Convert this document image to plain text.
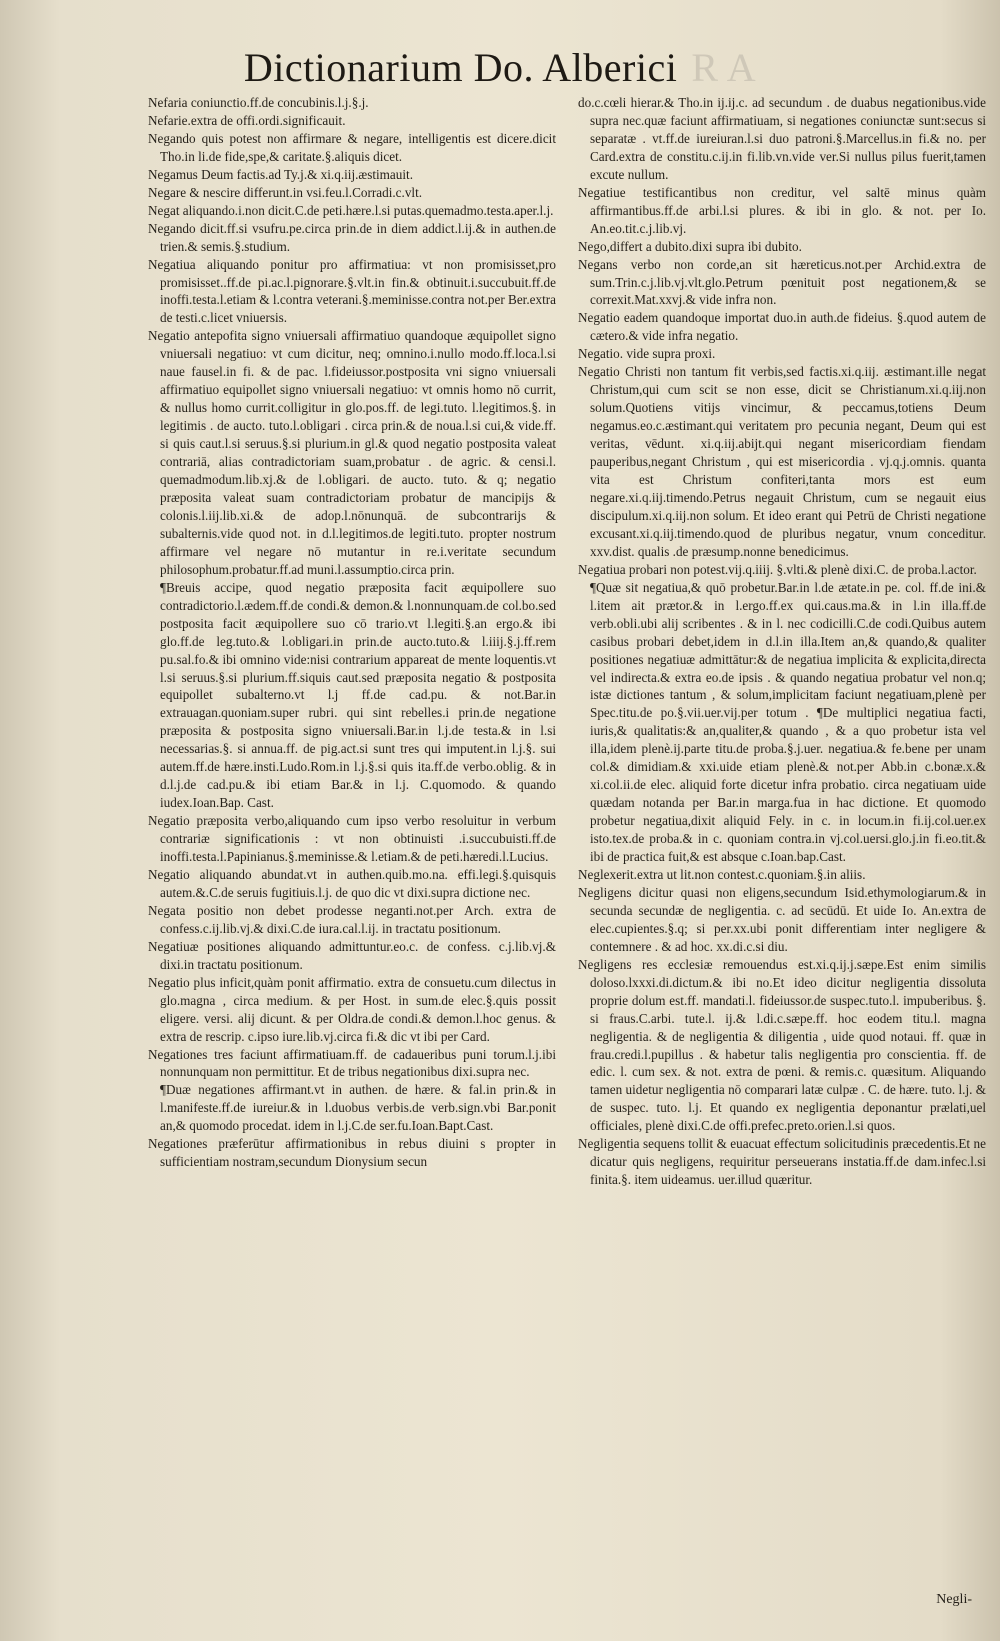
Dictionarium Do. Alberici R A

Nefaria coniunctio.ff.de concubinis.l.j.§.j.

Nefarie.extra de offi.ordi.significauit.

Negando quis potest non affirmare & negare, intelligentis est dicere.dicit Tho.in li.de fide,spe,& caritate.§.aliquis dicet.

Negamus Deum factis.ad Ty.j.& xi.q.iij.æstimauit.

Negare & nescire differunt.in vsi.feu.l.Corradi.c.vlt.

Negat aliquando.i.non dicit.C.de peti.hære.l.si putas.quemadmo.testa.aper.l.j.

Negando dicit.ff.si vsufru.pe.circa prin.de in diem addict.l.ij.& in authen.de trien.& semis.§.studium.

Negatiua aliquando ponitur pro affirmatiua: vt non promisisset,pro promisisset..ff.de pi.ac.l.pignorare.§.vlt.in fin.& obtinuit.i.succubuit.ff.de inoffi.testa.l.etiam & l.contra veterani.§.meminisse.contra not.per Ber.extra de testi.c.licet vniuersis.

Negatio antepofita signo vniuersali affirmatiuo quandoque æquipollet signo vniuersali negatiuo: vt cum dicitur, neq; omnino.i.nullo modo.ff.loca.l.si naue fausel.in fi. & de pac. l.fideiussor.postposita vni signo vniuersali affirmatiuo equipollet signo vniuersali negatiuo: vt omnis homo nō currit, & nullus homo currit.colligitur in glo.pos.ff. de legi.tuto. l.legitimos.§. in legitimis . de aucto. tuto.l.obligari . circa prin.& de noua.l.si cui,& vide.ff. si quis caut.l.si seruus.§.si plurium.in gl.& quod negatio postposita valeat contrariā, alias contradictoriam suam,probatur . de agric. & censi.l. quemadmodum.lib.xj.& de l.obligari. de aucto. tuto. & q; negatio præposita valeat suam contradictoriam probatur de mancipijs & colonis.l.iij.lib.xi.& de adop.l.nōnunquā. de subcontrarijs & subalternis.vide quod not. in d.l.legitimos.de legiti.tuto. propter nostrum affirmare vel negare nō mutantur in re.i.veritate secundum philosophum.probatur.ff.ad muni.l.assumptio.circa prin.

¶Breuis accipe, quod negatio præposita facit æquipollere suo contradictorio.l.ædem.ff.de condi.& demon.& l.nonnunquam.de col.bo.sed postposita facit æquipollere suo cō trario.vt l.legiti.§.an ergo.& ibi glo.ff.de leg.tuto.& l.obligari.in prin.de aucto.tuto.& l.iiij.§.j.ff.rem pu.sal.fo.& ibi omnino vide:nisi contrarium appareat de mente loquentis.vt l.si seruus.§.si plurium.ff.siquis caut.sed præposita negatio & postposita equipollet subalterno.vt l.j ff.de cad.pu. & not.Bar.in extrauagan.quoniam.super rubri. qui sint rebelles.i prin.de negatione præposita & postposita signo vniuersali.Bar.in l.j.de testa.& in l.si necessarias.§. si annua.ff. de pig.act.si sunt tres qui imputent.in l.j.§. sui autem.ff.de hære.insti.Ludo.Rom.in l.j.§.si quis ita.ff.de verbo.oblig. & in d.l.j.de cad.pu.& ibi etiam Bar.& in l.j. C.quomodo. & quando iudex.Ioan.Bap. Cast.

Negatio præposita verbo,aliquando cum ipso verbo resoluitur in verbum contrariæ significationis : vt non obtinuisti .i.succubuisti.ff.de inoffi.testa.l.Papinianus.§.meminisse.& l.etiam.& de peti.hæredi.l.Lucius.

Negatio aliquando abundat.vt in authen.quib.mo.na. effi.legi.§.quisquis autem.&.C.de seruis fugitiuis.l.j. de quo dic vt dixi.supra dictione nec.

Negata positio non debet prodesse neganti.not.per Arch. extra de confess.c.ij.lib.vj.& dixi.C.de iura.cal.l.ij. in tractatu positionum.

Negatiuæ positiones aliquando admittuntur.eo.c. de confess. c.j.lib.vj.& dixi.in tractatu positionum.

Negatio plus inficit,quàm ponit affirmatio. extra de consuetu.cum dilectus in glo.magna , circa medium. & per Host. in sum.de elec.§.quis possit eligere. versi. alij dicunt. & per Oldra.de condi.& demon.l.hoc genus. & extra de rescrip. c.ipso iure.lib.vj.circa fi.& dic vt ibi per Card.

Negationes tres faciunt affirmatiuam.ff. de cadaueribus puni torum.l.j.ibi nonnunquam non permittitur. Et de tribus negationibus dixi.supra nec.

¶Duæ negationes affirmant.vt in authen. de hære. & fal.in prin.& in l.manifeste.ff.de iureiur.& in l.duobus verbis.de verb.sign.vbi Bar.ponit an,& quomodo procedat. idem in l.j.C.de ser.fu.Ioan.Bapt.Cast.

Negationes præferūtur affirmationibus in rebus diuini s propter in sufficientiam nostram,secundum Dionysium secun

do.c.cœli hierar.& Tho.in ij.ij.c. ad secundum . de duabus negationibus.vide supra nec.quæ faciunt affirmatiuam, si negationes coniunctæ sunt:secus si separatæ . vt.ff.de iureiuran.l.si duo patroni.§.Marcellus.in fi.& no. per Card.extra de constitu.c.ij.in fi.lib.vn.vide ver.Si nullus pilus fuerit,tamen excute nullum.

Negatiue testificantibus non creditur, vel saltē minus quàm affirmantibus.ff.de arbi.l.si plures. & ibi in glo. & not. per Io. An.eo.tit.c.j.lib.vj.

Nego,differt a dubito.dixi supra ibi dubito.

Negans verbo non corde,an sit hæreticus.not.per Archid.extra de sum.Trin.c.j.lib.vj.vlt.glo.Petrum pœnituit post negationem,& se correxit.Mat.xxvj.& vide infra non.

Negatio eadem quandoque importat duo.in auth.de fideius. §.quod autem de cætero.& vide infra negatio.

Negatio. vide supra proxi.

Negatio Christi non tantum fit verbis,sed factis.xi.q.iij. æstimant.ille negat Christum,qui cum scit se non esse, dicit se Christianum.xi.q.iij.non solum.Quotiens vitijs vincimur, & peccamus,totiens Deum negamus.eo.c.æstimant.qui veritatem pro pecunia negant, Deum qui est veritas, vēdunt. xi.q.iij.abijt.qui negant misericordiam fiendam pauperibus,negant Christum , qui est misericordia . vj.q.j.omnis. quanta vita est Christum confiteri,tanta mors est eum negare.xi.q.iij.timendo.Petrus negauit Christum, cum se negauit eius discipulum.xi.q.iij.non solum. Et ideo erant qui Petrū de Christi negatione excusant.xi.q.iij.timendo.quod de pluribus negatur, vnum conceditur. xxv.dist. qualis .de præsump.nonne benedicimus.

Negatiua probari non potest.vij.q.iiij. §.vlti.& plenè dixi.C. de proba.l.actor.

¶Quæ sit negatiua,& quō probetur.Bar.in l.de ætate.in pe. col. ff.de ini.& l.item ait prætor.& in l.ergo.ff.ex qui.caus.ma.& in l.in illa.ff.de verb.obli.ubi alij scribentes . & in l. nec codicilli.C.de codi.Quibus autem casibus probari debet,idem in d.l.in illa.Item an,& quando,& qualiter positiones negatiuæ admittātur:& de negatiua implicita & explicita,directa vel indirecta.& extra eo.de ipsis . & quando negatiua probatur vel non.q; istæ dictiones tantum , & solum,implicitam faciunt negatiuam,plenè per Spec.titu.de po.§.vii.uer.vij.per totum . ¶De multiplici negatiua facti, iuris,& qualitatis:& an,qualiter,& quando , & a quo probetur ista vel illa,idem plenè.ij.parte titu.de proba.§.j.uer. negatiua.& fe.bene per unam col.& dimidiam.& xxi.uide etiam plenè.& not.per Abb.in c.bonæ.x.& xi.col.ii.de elec. aliquid forte dicetur infra probatio. circa negatiuam uide quædam notanda per Bar.in marga.fua in hac dictione. Et quomodo probetur negatiua,dixit aliquid Fely. in c. in locum.in fi.ij.col.uer.ex isto.tex.de proba.& in c. quoniam contra.in vj.col.uersi.glo.j.in fi.eo.tit.& ibi de practica fuit,& est absque c.Ioan.bap.Cast.

Neglexerit.extra ut lit.non contest.c.quoniam.§.in aliis.

Negligens dicitur quasi non eligens,secundum Isid.ethymologiarum.& in secunda secundæ de negligentia. c. ad secūdū. Et uide Io. An.extra de elec.cupientes.§.q; si per.xx.ubi ponit differentiam inter negligere & contemnere . & ad hoc. xx.di.c.si diu.

Negligens res ecclesiæ remouendus est.xi.q.ij.j.sæpe.Est enim similis doloso.lxxxi.di.dictum.& ibi no.Et ideo dicitur negligentia dissoluta proprie dolum est.ff. mandati.l. fideiussor.de suspec.tuto.l. impuberibus. §. si fraus.C.arbi. tute.l. ij.& l.di.c.sæpe.ff. hoc eodem titu.l. magna negligentia. & de negligentia & diligentia , uide quod notaui. ff. quæ in frau.credi.l.pupillus . & habetur talis negligentia pro conscientia. ff. de edic. l. cum sex. & not. extra de pœni. & remis.c. quæsitum. Aliquando tamen uidetur negligentia nō comparari latæ culpæ . C. de hære. tuto. l.j. & de suspec. tuto. l.j. Et quando ex negligentia deponantur prælati,uel officiales, plenè dixi.C.de offi.prefec.preto.orien.l.si quos.

Negligentia sequens tollit & euacuat effectum solicitudinis præcedentis.Et ne dicatur quis negligens, requiritur perseuerans instatia.ff.de dam.infec.l.si finita.§. item uideamus. uer.illud quæritur.

Negli-
